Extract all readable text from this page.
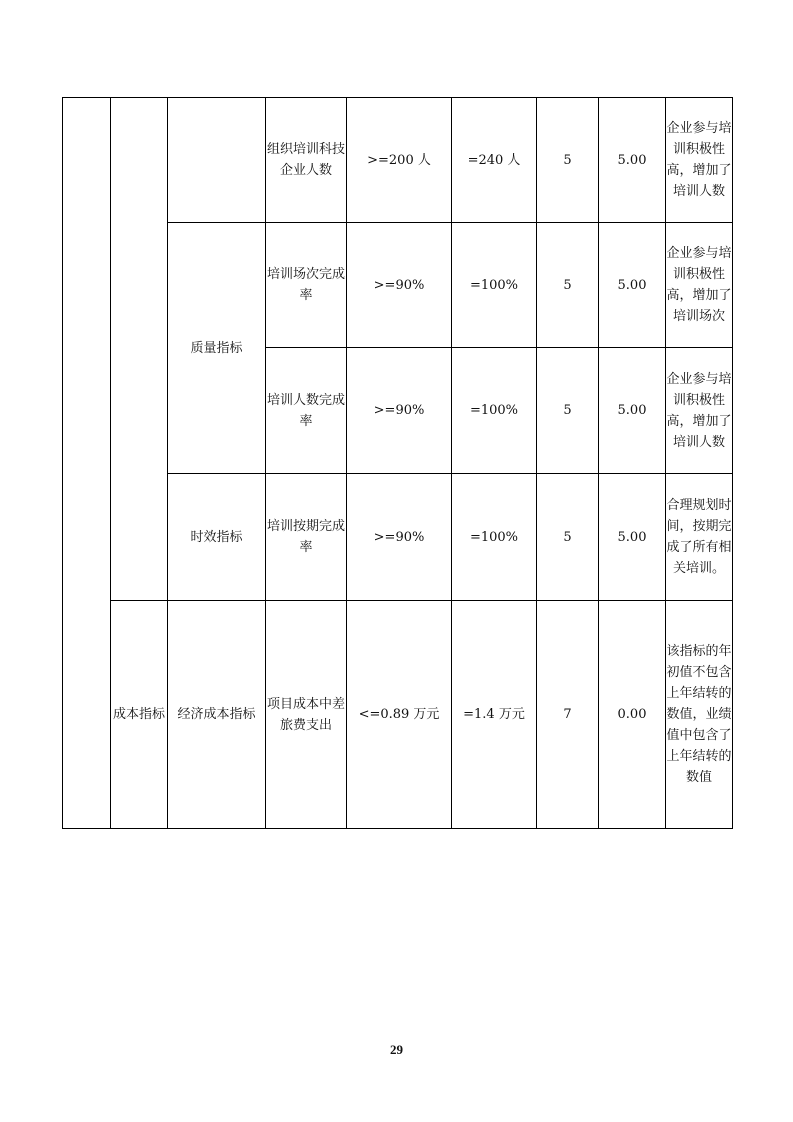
			组织培训科技企业人数	>=200 人	=240 人	5	5.00	企业参与培训积极性高，增加了培训人数
		质量指标	培训场次完成率	>=90%	=100%	5	5.00	企业参与培训积极性高，增加了培训场次
			培训人数完成率	>=90%	=100%	5	5.00	企业参与培训积极性高，增加了培训人数
		时效指标	培训按期完成率	>=90%	=100%	5	5.00	合理规划时间，按期完成了所有相关培训。
	成本指标	经济成本指标	项目成本中差旅费支出	<=0.89 万元	=1.4 万元	7	0.00	该指标的年初值不包含上年结转的数值，业绩值中包含了上年结转的数值
29
